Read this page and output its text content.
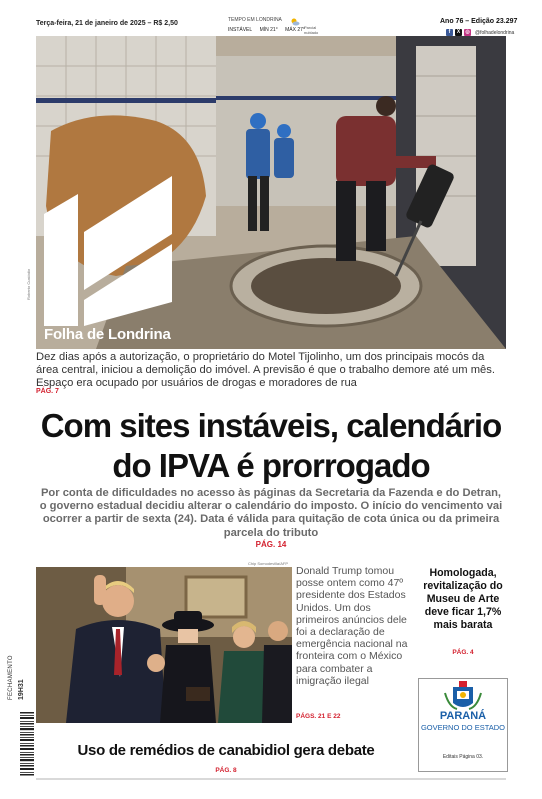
Terça-feira, 21 de janeiro de 2025 – R$ 2,50	TEMPO EM LONDRINA
INSTÁVEL MÍN 21° MÁX 27° Parcial nublado
Ano 76 – Edição 23.297
f	X	◎ @folhadelondrina
Folha de Londrina
Roberto Custódio
Dez dias após a autorização, o proprietário do Motel Tijolinho, um dos principais mocós da área central, iniciou a demolição do imóvel. A previsão é que o trabalho demore até um mês. Espaço era ocupado por usuários de drogas e moradores de rua
PÁG. 7
Com sites instáveis, calendário do IPVA é prorrogado
Por conta de dificuldades no acesso às páginas da Secretaria da Fazenda e do Detran, o governo estadual decidiu alterar o calendário do imposto. O início do vencimento vai ocorrer a partir de sexta (24). Data é válida para quitação de cota única ou da primeira parcela do tributo
PÁG. 14
Chip Somodevilla/AFP
Donald Trump tomou posse ontem como 47º presidente dos Estados Unidos. Um dos primeiros anúncios dele foi a declaração de emergência nacional na fronteira com o México para combater a imigração ilegal
PÁGS. 21 E 22
Homologada, revitalização do Museu de Arte deve ficar 1,7% mais barata
PÁG. 4
PARANÁ
GOVERNO DO ESTADO
Editais Página 03.
FECHAMENTO 19H31
Uso de remédios de canabidiol gera debate
PÁG. 8
